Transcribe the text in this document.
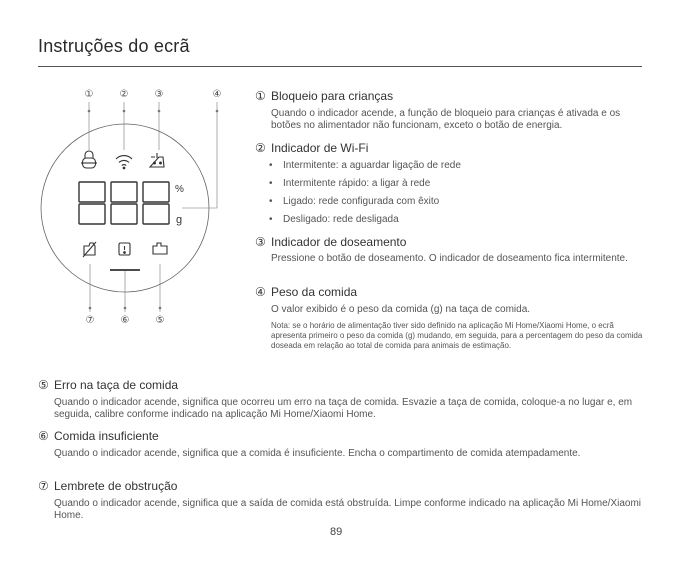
Instruções do ecrã
%
g
①	②	③	④
⑦	⑥	⑤
① Bloqueio para crianças
Quando o indicador acende, a função de bloqueio para crianças é ativada e os botões no alimentador não funcionam, exceto o botão de energia.
② Indicador de Wi-Fi
• Intermitente: a aguardar ligação de rede
• Intermitente rápido: a ligar à rede
• Ligado: rede configurada com êxito
• Desligado: rede desligada
③ Indicador de doseamento
Pressione o botão de doseamento. O indicador de doseamento fica intermitente.
④ Peso da comida
O valor exibido é o peso da comida (g) na taça de comida.
Nota: se o horário de alimentação tiver sido definido na aplicação Mi Home/Xiaomi Home, o ecrã apresenta primeiro o peso da comida (g) mudando, em seguida, para a percentagem do peso da comida doseada em relação ao total de comida para animais de estimação.
⑤ Erro na taça de comida
Quando o indicador acende, significa que ocorreu um erro na taça de comida. Esvazie a taça de comida, coloque-a no lugar e, em seguida, calibre conforme indicado na aplicação Mi Home/Xiaomi Home.
⑥ Comida insuficiente
Quando o indicador acende, significa que a comida é insuficiente. Encha o compartimento de comida atempadamente.
⑦ Lembrete de obstrução
Quando o indicador acende, significa que a saída de comida está obstruída. Limpe conforme indicado na aplicação Mi Home/Xiaomi Home.
89
